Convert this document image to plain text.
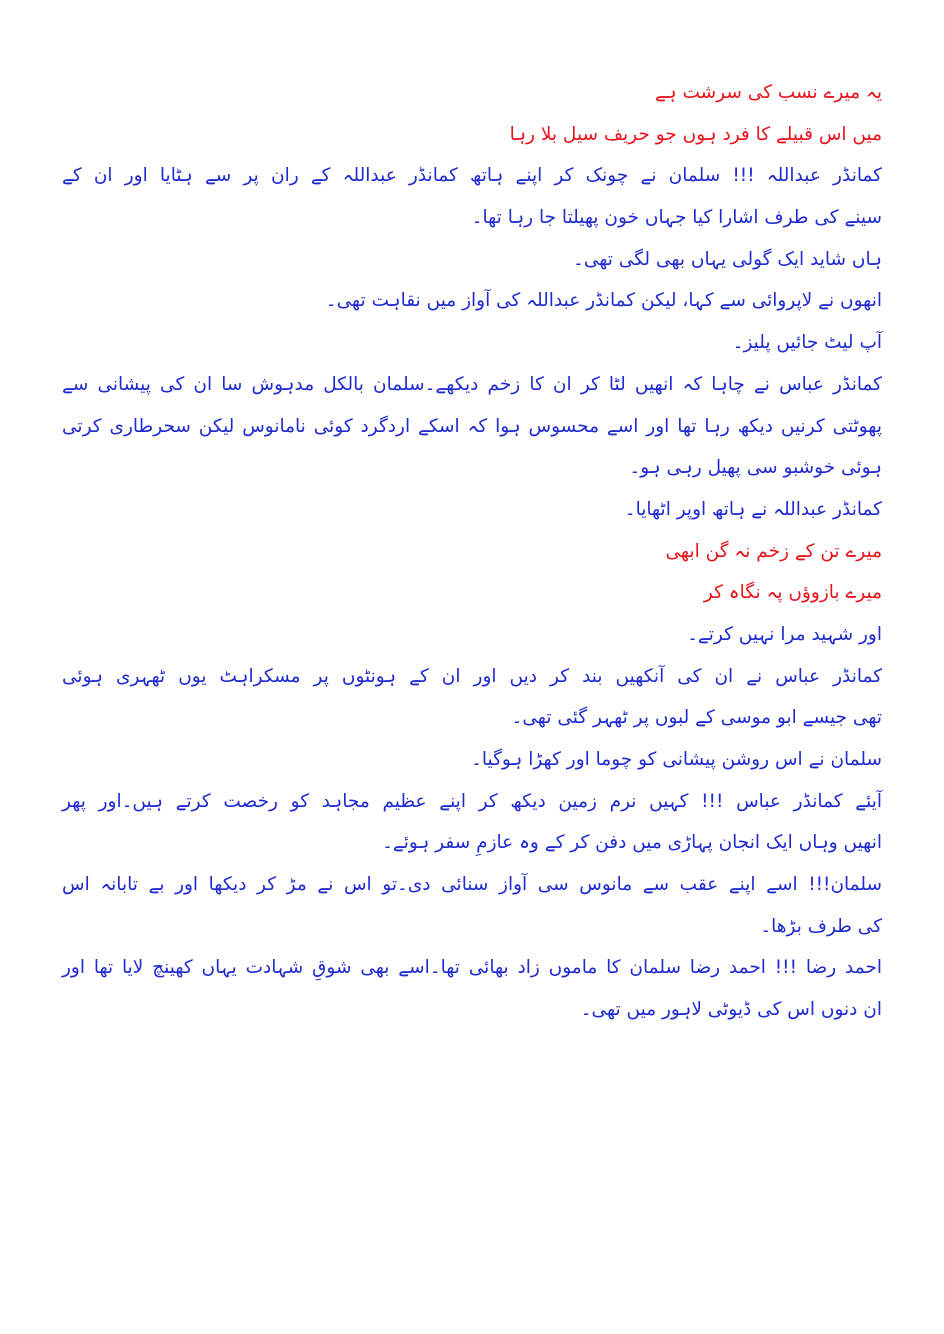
یہ میرے نسب کی سرشت ہے
میں اس قبیلے کا فرد ہوں جو حریف سیل بلا رہا
کمانڈر عبداللہ !!! سلمان نے چونک کر اپنے ہاتھ کمانڈر عبداللہ کے ران پر سے ہٹایا اور ان کے
سینے کی طرف اشارا کیا جہاں خون پھیلتا جا رہا تھا۔
ہاں شاید ایک گولی یہاں بھی لگی تھی۔
انھوں نے لاپروائی سے کہا، لیکن کمانڈر عبداللہ کی آواز میں نقاہت تھی۔
آپ لیٹ جائیں پلیز۔
کمانڈر عباس نے چاہا کہ انھیں لٹا کر ان کا زخم دیکھے۔سلمان بالکل مدہوش سا ان کی پیشانی سے
پھوٹتی کرنیں دیکھ رہا تھا اور اسے محسوس ہوا کہ اسکے اردگرد کوئی نامانوس لیکن سحرطاری کرتی
ہوئی خوشبو سی پھیل رہی ہو۔
کمانڈر عبداللہ نے ہاتھ اوپر اٹھایا۔
میرے تن کے زخم نہ گن ابھی
میرے بازوؤں پہ نگاہ کر
اور شہید مرا نہیں کرتے۔
کمانڈر عباس نے ان کی آنکھیں بند کر دیں اور ان کے ہونٹوں پر مسکراہٹ یوں ٹھہری ہوئی
تھی جیسے ابو موسی کے لبوں پر ٹھہر گئی تھی۔
سلمان نے اس روشن پیشانی کو چوما اور کھڑا ہوگیا۔
آیئے کمانڈر عباس !!! کہیں نرم زمین دیکھ کر اپنے عظیم مجاہد کو رخصت کرتے ہیں۔اور پھر
انھیں وہاں ایک انجان پہاڑی میں دفن کر کے وہ عازمِ سفر ہوئے۔
سلمان!!! اسے اپنے عقب سے مانوس سی آواز سنائی دی۔تو اس نے مڑ کر دیکھا اور بے تابانہ اس
کی طرف بڑھا۔
احمد رضا !!! احمد رضا سلمان کا ماموں زاد بھائی تھا۔اسے بھی شوقِ شہادت یہاں کھینچ لایا تھا اور
ان دنوں اس کی ڈیوٹی لاہور میں تھی۔
